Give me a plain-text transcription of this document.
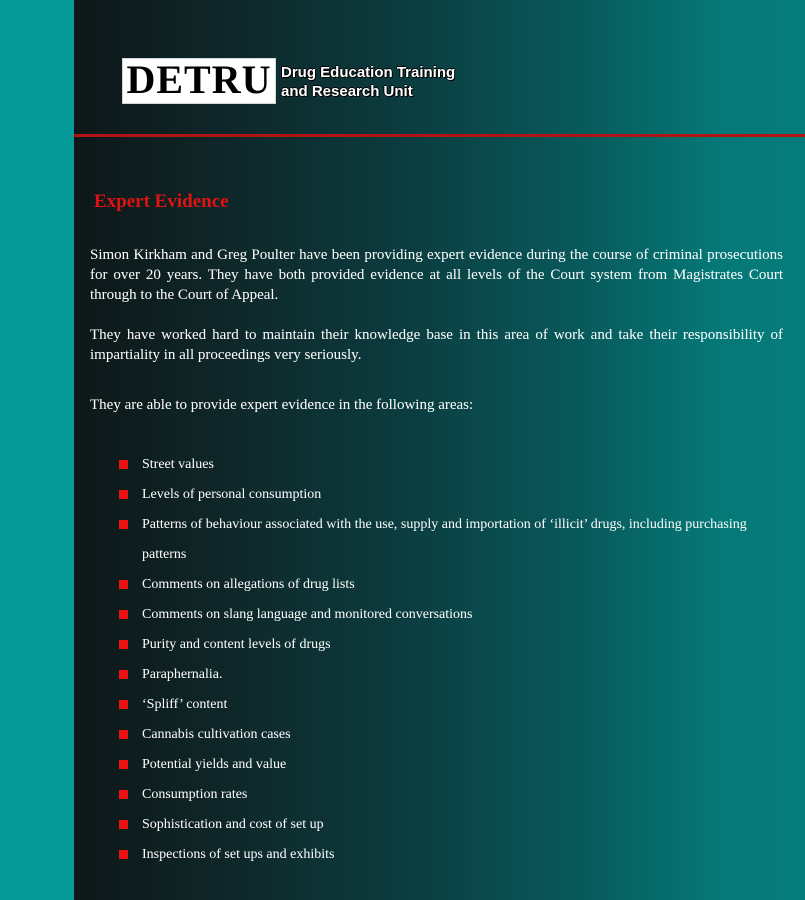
DETRU Drug Education Training
and Research Unit
Expert Evidence

Simon Kirkham and Greg Poulter have been providing expert evidence during the course of criminal prosecutions for over 20 years. They have both provided evidence at all levels of the Court system from Magistrates Court through to the Court of Appeal.

They have worked hard to maintain their knowledge base in this area of work and take their responsibility of impartiality in all proceedings very seriously.

They are able to provide expert evidence in the following areas:

Street values
Levels of personal consumption
Patterns of behaviour associated with the use, supply and importation of ‘illicit’ drugs, including purchasing patterns
Comments on allegations of drug lists
Comments on slang language and monitored conversations
Purity and content levels of drugs
Paraphernalia.
‘Spliff’ content
Cannabis cultivation cases
Potential yields and value
Consumption rates
Sophistication and cost of set up
Inspections of set ups and exhibits
